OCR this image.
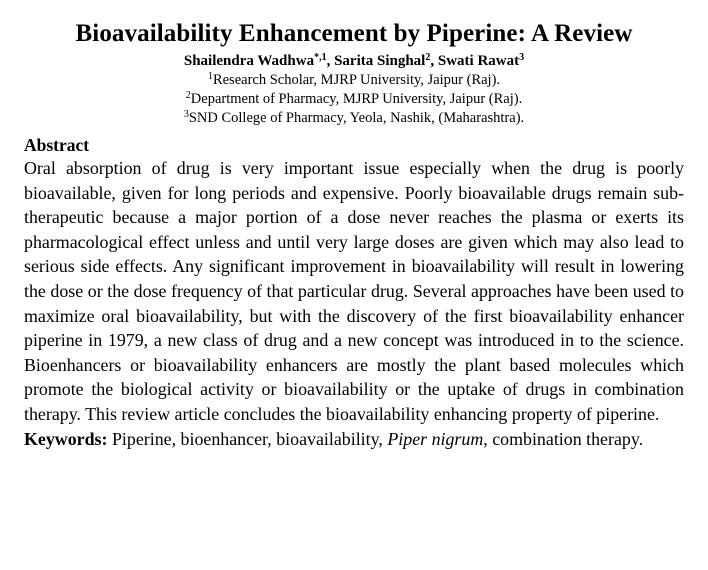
Bioavailability Enhancement by Piperine: A Review
Shailendra Wadhwa$^{*,1}$, Sarita Singhal$^2$, Swati Rawat$^3$
$^1$Research Scholar, MJRP University, Jaipur (Raj).
$^2$Department of Pharmacy, MJRP University, Jaipur (Raj).
$^3$SND College of Pharmacy, Yeola, Nashik, (Maharashtra).
Abstract
Oral absorption of drug is very important issue especially when the drug is poorly bioavailable, given for long periods and expensive. Poorly bioavailable drugs remain sub-therapeutic because a major portion of a dose never reaches the plasma or exerts its pharmacological effect unless and until very large doses are given which may also lead to serious side effects. Any significant improvement in bioavailability will result in lowering the dose or the dose frequency of that particular drug. Several approaches have been used to maximize oral bioavailability, but with the discovery of the first bioavailability enhancer piperine in 1979, a new class of drug and a new concept was introduced in to the science. Bioenhancers or bioavailability enhancers are mostly the plant based molecules which promote the biological activity or bioavailability or the uptake of drugs in combination therapy. This review article concludes the bioavailability enhancing property of piperine.
Keywords: Piperine, bioenhancer, bioavailability, Piper nigrum, combination therapy.
